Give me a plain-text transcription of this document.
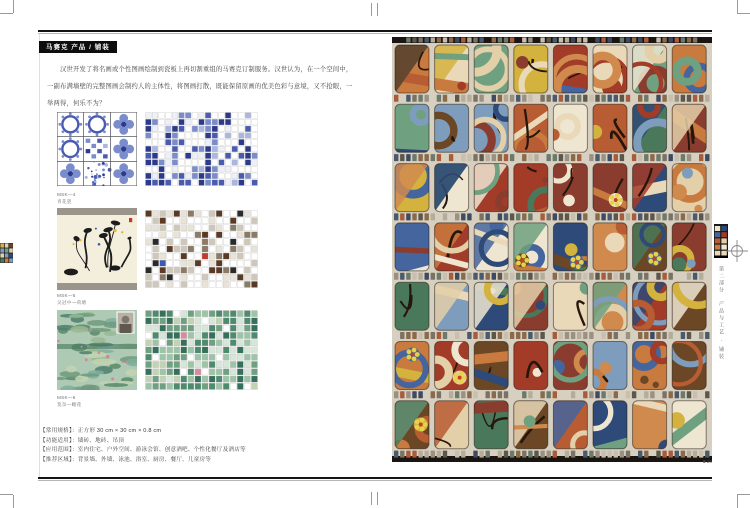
第二部分　产品与工艺 · 铺装
马赛克 产品 / 铺装
汉世开发了将名画或个性图画绘制到瓷板上再切割重组的马赛克订制服务。汉世认为，在一个空间中，
一副布满墙壁的完整图画会制约人的主体性，将图画打散，既能保留原画的优美色彩与意境，又不抢眼，一
举两得，何乐不为？
MSK—4
青花瓷
MSK—5
吴冠中—荷塘
MSK—6
莫奈—睡莲
【常用规格】：正方形 30 cm × 30 cm × 0.8 cm
【功能适用】：墙砖、地砖、吊顶
【应用范围】：室内住宅、户外空间、游泳会馆、创意酒吧、个性化餐厅及酒店等
【推荐区域】：背景墙、外墙、泳池、浴室、厨房、餐厅、儿童房等	■ 29
